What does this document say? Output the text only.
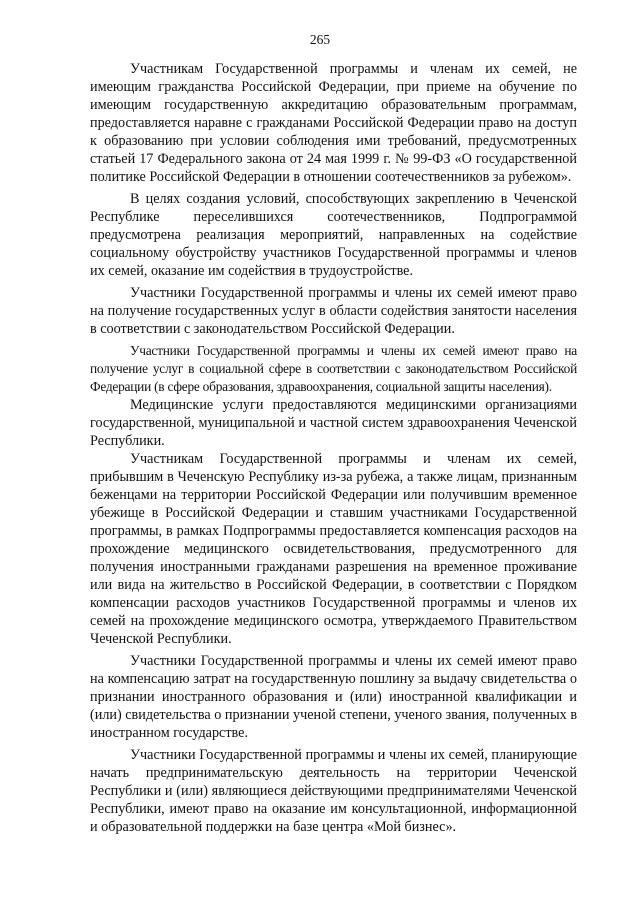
265

Участникам Государственной программы и членам их семей, не имеющим гражданства Российской Федерации, при приеме на обучение по имеющим государственную аккредитацию образовательным программам, предоставляется наравне с гражданами Российской Федерации право на доступ к образованию при условии соблюдения ими требований, предусмотренных статьей 17 Федерального закона от 24 мая 1999 г. № 99-ФЗ «О государственной политике Российской Федерации в отношении соотечественников за рубежом».

В целях создания условий, способствующих закреплению в Чеченской Республике переселившихся соотечественников, Подпрограммой предусмотрена реализация мероприятий, направленных на содействие социальному обустройству участников Государственной программы и членов их семей, оказание им содействия в трудоустройстве.

Участники Государственной программы и члены их семей имеют право на получение государственных услуг в области содействия занятости населения в соответствии с законодательством Российской Федерации.

Участники Государственной программы и члены их семей имеют право на получение услуг в социальной сфере в соответствии с законодательством Российской Федерации (в сфере образования, здравоохранения, социальной защиты населения).

Медицинские услуги предоставляются медицинскими организациями государственной, муниципальной и частной систем здравоохранения Чеченской Республики.

Участникам Государственной программы и членам их семей, прибывшим в Чеченскую Республику из-за рубежа, а также лицам, признанным беженцами на территории Российской Федерации или получившим временное убежище в Российской Федерации и ставшим участниками Государственной программы, в рамках Подпрограммы предоставляется компенсация расходов на прохождение медицинского освидетельствования, предусмотренного для получения иностранными гражданами разрешения на временное проживание или вида на жительство в Российской Федерации, в соответствии с Порядком компенсации расходов участников Государственной программы и членов их семей на прохождение медицинского осмотра, утверждаемого Правительством Чеченской Республики.

Участники Государственной программы и члены их семей имеют право на компенсацию затрат на государственную пошлину за выдачу свидетельства о признании иностранного образования и (или) иностранной квалификации и (или) свидетельства о признании ученой степени, ученого звания, полученных в иностранном государстве.

Участники Государственной программы и члены их семей, планирующие начать предпринимательскую деятельность на территории Чеченской Республики и (или) являющиеся действующими предпринимателями Чеченской Республики, имеют право на оказание им консультационной, информационной и образовательной поддержки на базе центра «Мой бизнес».
